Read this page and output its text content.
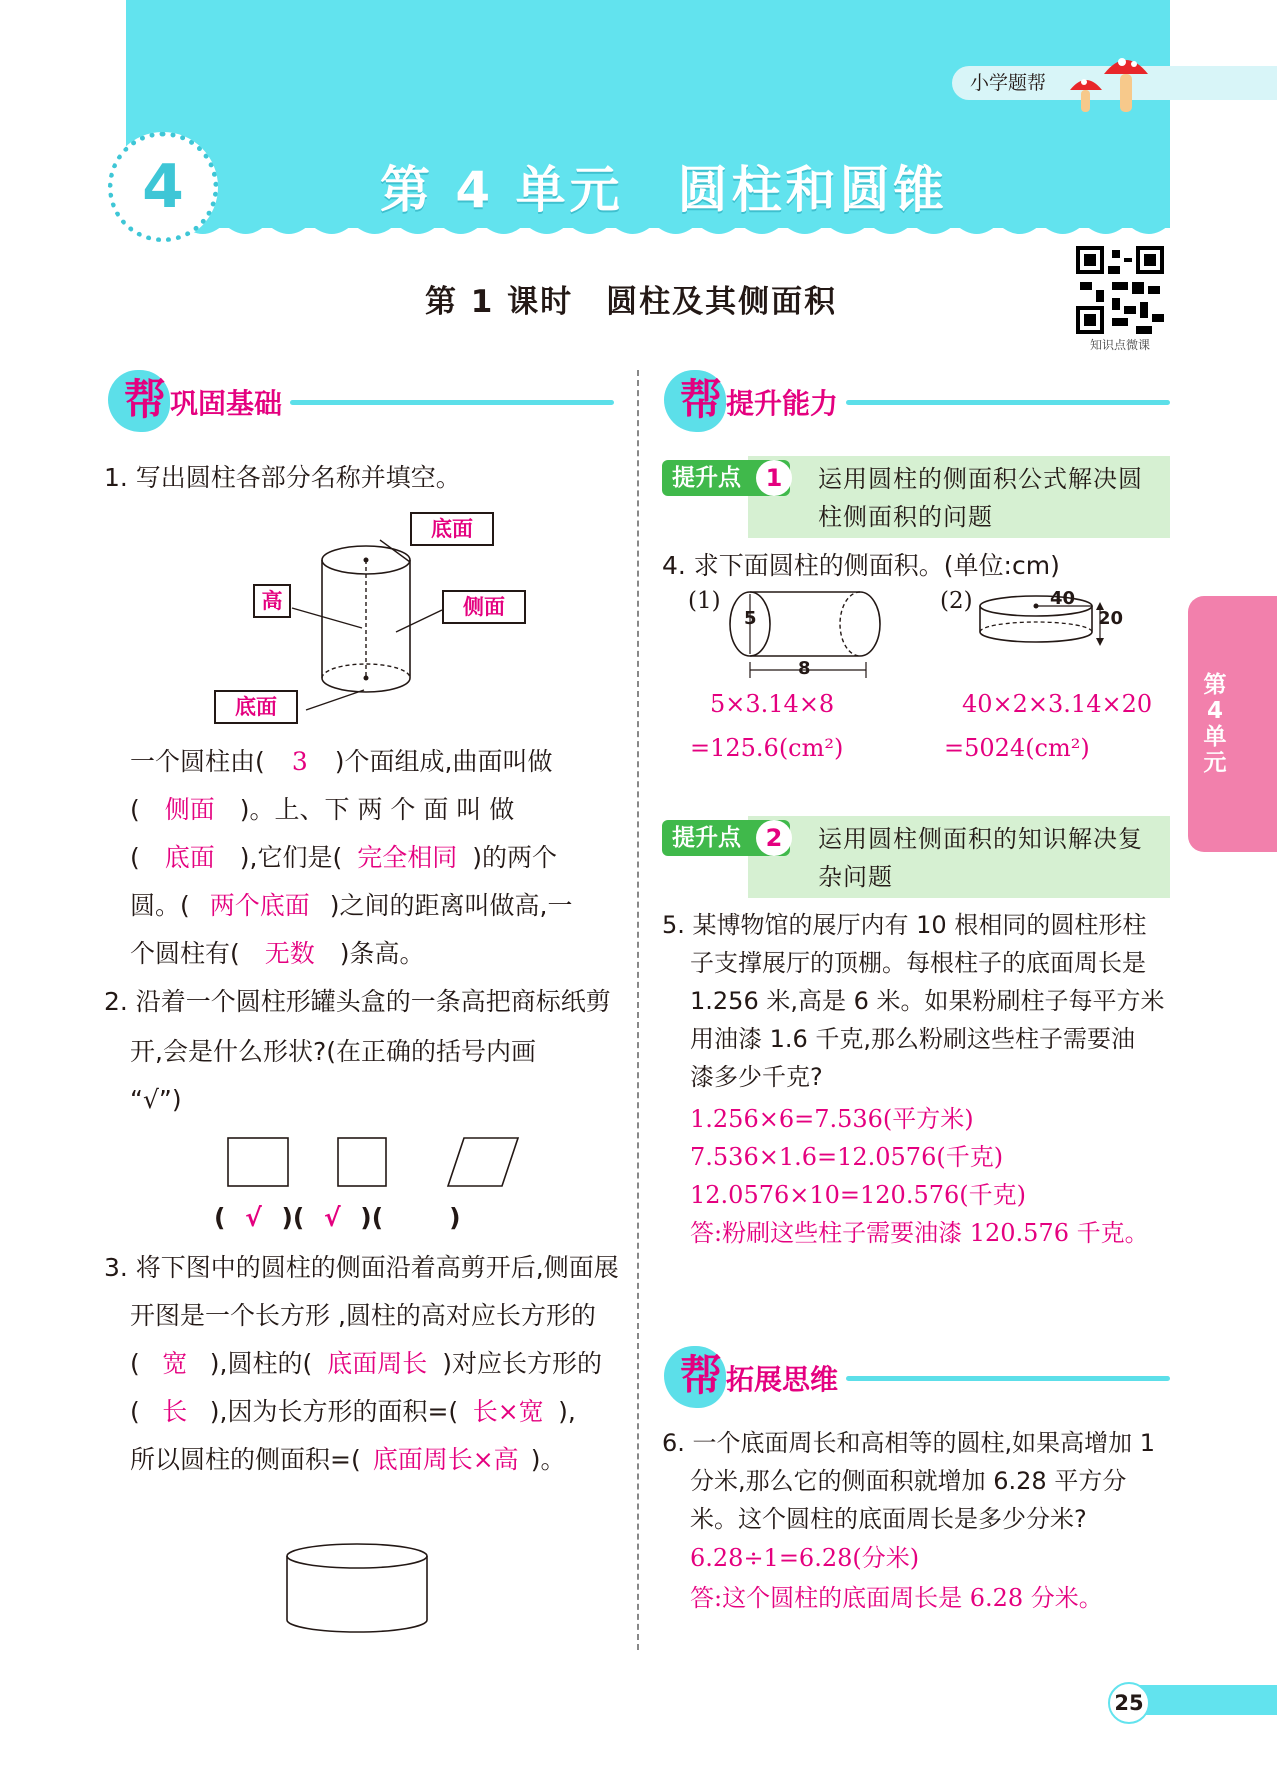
小学题帮
4	第 4 单元　圆柱和圆锥
第 1 课时　圆柱及其侧面积
知识点微课
第4单元
帮 巩固基础
1. 写出圆柱各部分名称并填空。
底面
高	侧面
底面
一个圆柱由( 3 )个面组成,曲面叫做
( 侧面 )。上、下 两 个 面 叫 做
( 底面 ),它们是( 完全相同 )的两个
圆。( 两个底面 )之间的距离叫做高,一
个圆柱有( 无数 )条高。
2. 沿着一个圆柱形罐头盒的一条高把商标纸剪
开,会是什么形状?(在正确的括号内画
“√”)
( √ )( √ )(	)
3. 将下图中的圆柱的侧面沿着高剪开后,侧面展
开图是一个长方形 ,圆柱的高对应长方形的
( 宽 ),圆柱的( 底面周长 )对应长方形的
( 长 ),因为长方形的面积=( 长×宽 ),
所以圆柱的侧面积=( 底面周长×高 )。
帮 提升能力
提升点	1	运用圆柱的侧面积公式解决圆柱侧面积的问题
4. 求下面圆柱的侧面积。(单位:cm)
(1)
5
8
(2)	40
20
5×3.14×8
=125.6(cm²)
40×2×3.14×20
=5024(cm²)
提升点	2	运用圆柱侧面积的知识解决复杂问题
5. 某博物馆的展厅内有 10 根相同的圆柱形柱
子支撑展厅的顶棚。每根柱子的底面周长是
1.256 米,高是 6 米。如果粉刷柱子每平方米
用油漆 1.6 千克,那么粉刷这些柱子需要油
漆多少千克?
1.256×6=7.536(平方米)
7.536×1.6=12.0576(千克)
12.0576×10=120.576(千克)
答:粉刷这些柱子需要油漆 120.576 千克。
帮 拓展思维
6. 一个底面周长和高相等的圆柱,如果高增加 1
分米,那么它的侧面积就增加 6.28 平方分
米。这个圆柱的底面周长是多少分米?
6.28÷1=6.28(分米)
答:这个圆柱的底面周长是 6.28 分米。
25
